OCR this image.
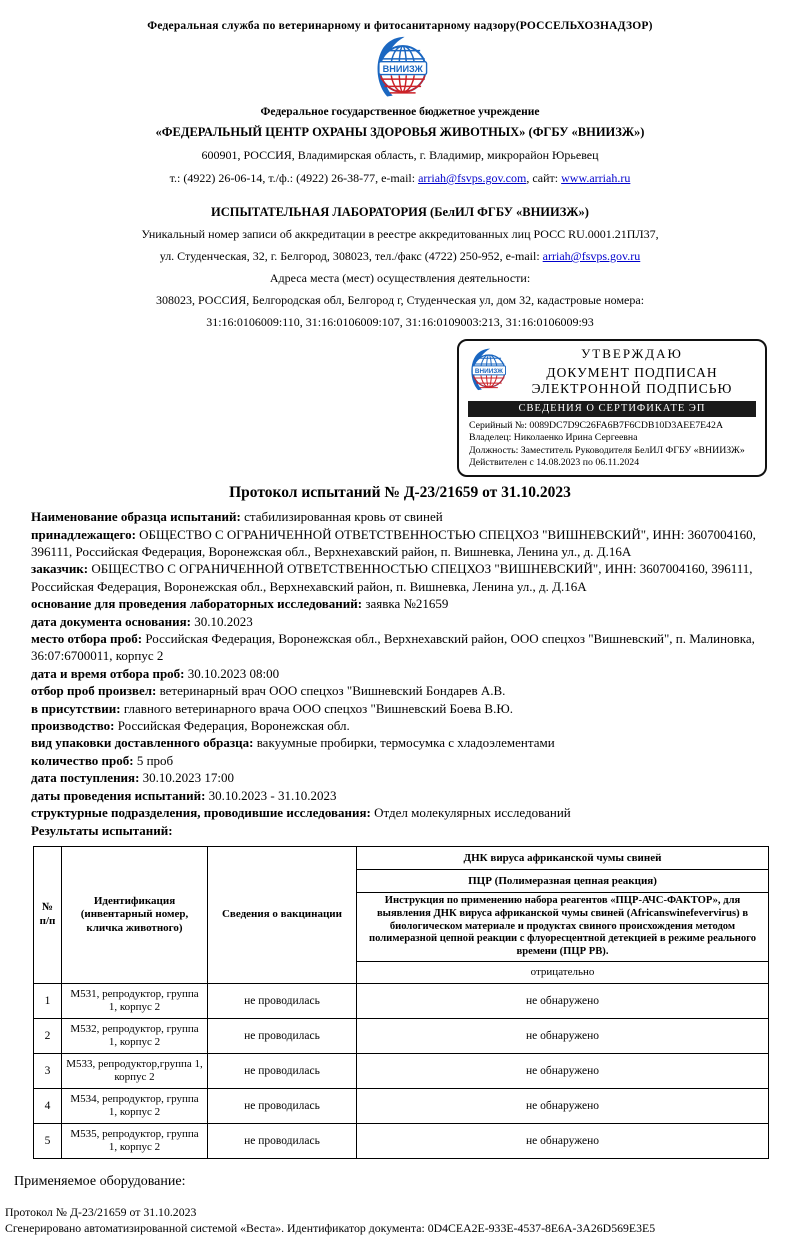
Федеральная служба по ветеринарному и фитосанитарному надзору(РОССЕЛЬХОЗНАДЗОР)
ВНИИЗЖ
Федеральное государственное бюджетное учреждение
«ФЕДЕРАЛЬНЫЙ ЦЕНТР ОХРАНЫ ЗДОРОВЬЯ ЖИВОТНЫХ» (ФГБУ «ВНИИЗЖ»)
600901, РОССИЯ, Владимирская область, г. Владимир, микрорайон Юрьевец
т.: (4922) 26-06-14, т./ф.: (4922) 26-38-77, e-mail: arriah@fsvps.gov.com, сайт: www.arriah.ru
ИСПЫТАТЕЛЬНАЯ ЛАБОРАТОРИЯ (БелИЛ ФГБУ «ВНИИЗЖ»)
Уникальный номер записи об аккредитации в реестре аккредитованных лиц РОСС RU.0001.21ПЛ37,
ул. Студенческая, 32, г. Белгород, 308023, тел./факс (4722) 250-952, e-mail: arriah@fsvps.gov.ru
Адреса места (мест) осуществления деятельности:
308023, РОССИЯ, Белгородская обл, Белгород г, Студенческая ул, дом 32, кадастровые номера:
31:16:0106009:110, 31:16:0106009:107, 31:16:0109003:213, 31:16:0106009:93
ВНИИЗЖ
УТВЕРЖДАЮ
ДОКУМЕНТ ПОДПИСАН
ЭЛЕКТРОННОЙ ПОДПИСЬЮ
СВЕДЕНИЯ О СЕРТИФИКАТЕ ЭП
Серийный №: 0089DC7D9C26FA6B7F6CDB10D3AEE7E42A
Владелец: Николаенко Ирина Сергеевна
Должность: Заместитель Руководителя БелИЛ ФГБУ «ВНИИЗЖ»
Действителен с 14.08.2023 по 06.11.2024
Протокол испытаний № Д-23/21659 от 31.10.2023
Наименование образца испытаний: стабилизированная кровь от свиней
принадлежащего: ОБЩЕСТВО С ОГРАНИЧЕННОЙ ОТВЕТСТВЕННОСТЬЮ СПЕЦХОЗ "ВИШНЕВСКИЙ", ИНН: 3607004160, 396111, Российская Федерация, Воронежская обл., Верхнехавский район, п. Вишневка, Ленина ул., д. Д.16А
заказчик: ОБЩЕСТВО С ОГРАНИЧЕННОЙ ОТВЕТСТВЕННОСТЬЮ СПЕЦХОЗ "ВИШНЕВСКИЙ", ИНН: 3607004160, 396111, Российская Федерация, Воронежская обл., Верхнехавский район, п. Вишневка, Ленина ул., д. Д.16А
основание для проведения лабораторных исследований: заявка №21659
дата документа основания: 30.10.2023
место отбора проб: Российская Федерация, Воронежская обл., Верхнехавский район, ООО спецхоз "Вишневский", п. Малиновка, 36:07:6700011, корпус 2
дата и время отбора проб: 30.10.2023 08:00
отбор проб произвел: ветеринарный врач ООО спецхоз "Вишневский Бондарев А.В.
в присутствии: главного ветеринарного врача ООО спецхоз "Вишневский Боева В.Ю.
производство: Российская Федерация, Воронежская обл.
вид упаковки доставленного образца: вакуумные пробирки, термосумка с хладоэлементами
количество проб: 5 проб
дата поступления: 30.10.2023 17:00
даты проведения испытаний: 30.10.2023 - 31.10.2023
структурные подразделения, проводившие исследования: Отдел молекулярных исследований
Результаты испытаний:
№ п/п	Идентификация (инвентарный номер, кличка животного)	Сведения о вакцинации	ДНК вируса африканской чумы свиней
			ПЦР (Полимеразная цепная реакция)
			Инструкция по применению набора реагентов «ПЦР-АЧС-ФАКТОР», для выявления ДНК вируса африканской чумы свиней (Africanswinefevervirus) в биологическом материале и продуктах свиного происхождения методом полимеразной цепной реакции с флуоресцентной детекцией в режиме реального времени (ПЦР РВ).
			отрицательно
1	М531, репродуктор, группа 1, корпус 2	не проводилась	не обнаружено
2	М532, репродуктор, группа 1, корпус 2	не проводилась	не обнаружено
3	М533, репродуктор,группа 1, корпус 2	не проводилась	не обнаружено
4	М534, репродуктор, группа 1, корпус 2	не проводилась	не обнаружено
5	М535, репродуктор, группа 1, корпус 2	не проводилась	не обнаружено
Применяемое оборудование:
Протокол № Д-23/21659 от 31.10.2023
Сгенерировано автоматизированной системой «Веста». Идентификатор документа: 0D4CEA2E-933E-4537-8E6A-3A26D569E3E5
